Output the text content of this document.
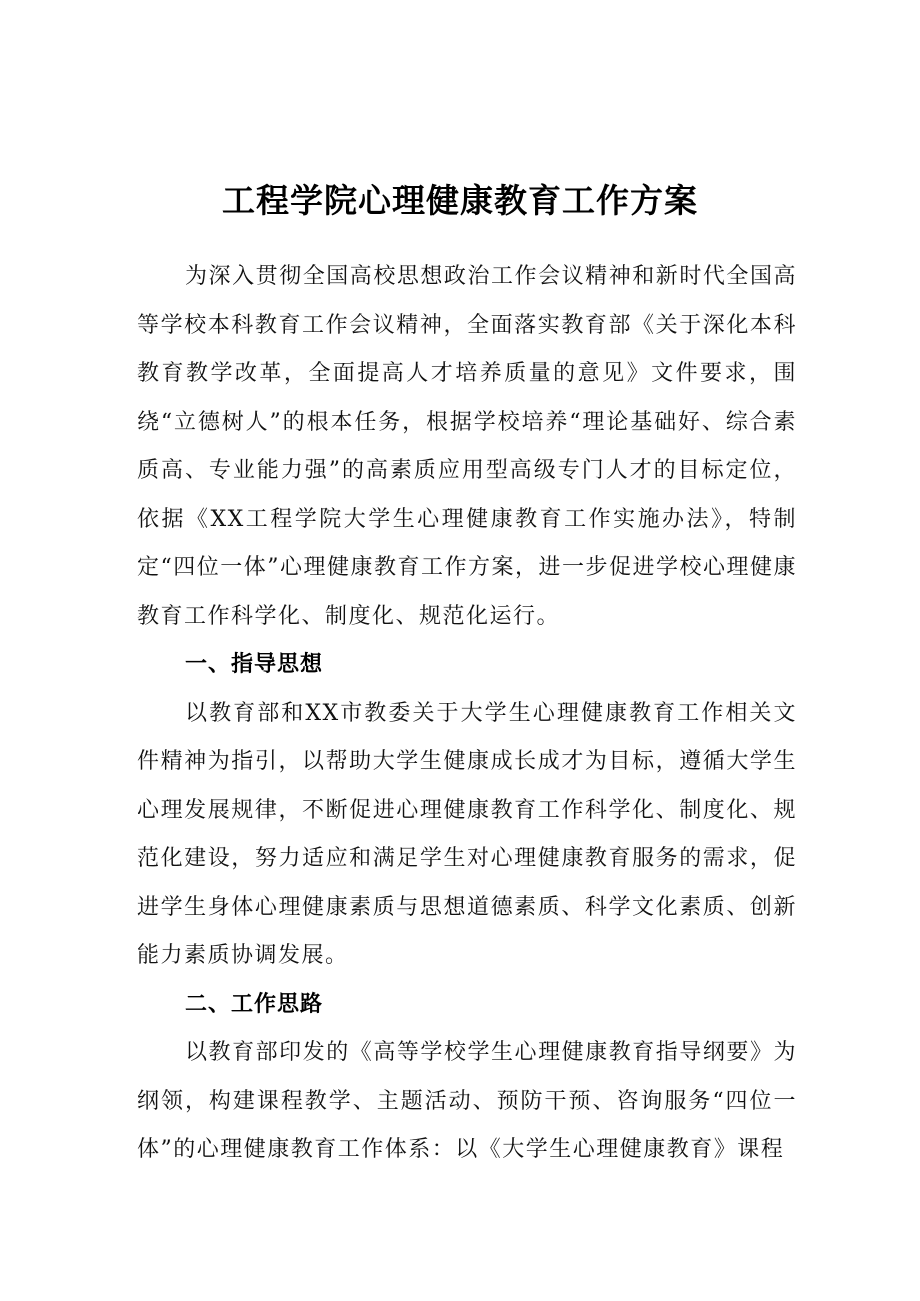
工程学院心理健康教育工作方案

为深入贯彻全国高校思想政治工作会议精神和新时代全国高等学校本科教育工作会议精神，全面落实教育部《关于深化本科教育教学改革，全面提高人才培养质量的意见》文件要求，围绕“立德树人”的根本任务，根据学校培养“理论基础好、综合素质高、专业能力强”的高素质应用型高级专门人才的目标定位，依据《XX工程学院大学生心理健康教育工作实施办法》，特制定“四位一体”心理健康教育工作方案，进一步促进学校心理健康教育工作科学化、制度化、规范化运行。

一、指导思想

以教育部和XX市教委关于大学生心理健康教育工作相关文件精神为指引，以帮助大学生健康成长成才为目标，遵循大学生心理发展规律，不断促进心理健康教育工作科学化、制度化、规范化建设，努力适应和满足学生对心理健康教育服务的需求，促进学生身体心理健康素质与思想道德素质、科学文化素质、创新能力素质协调发展。

二、工作思路

以教育部印发的《高等学校学生心理健康教育指导纲要》为纲领，构建课程教学、主题活动、预防干预、咨询服务“四位一体”的心理健康教育工作体系：以《大学生心理健康教育》课程
